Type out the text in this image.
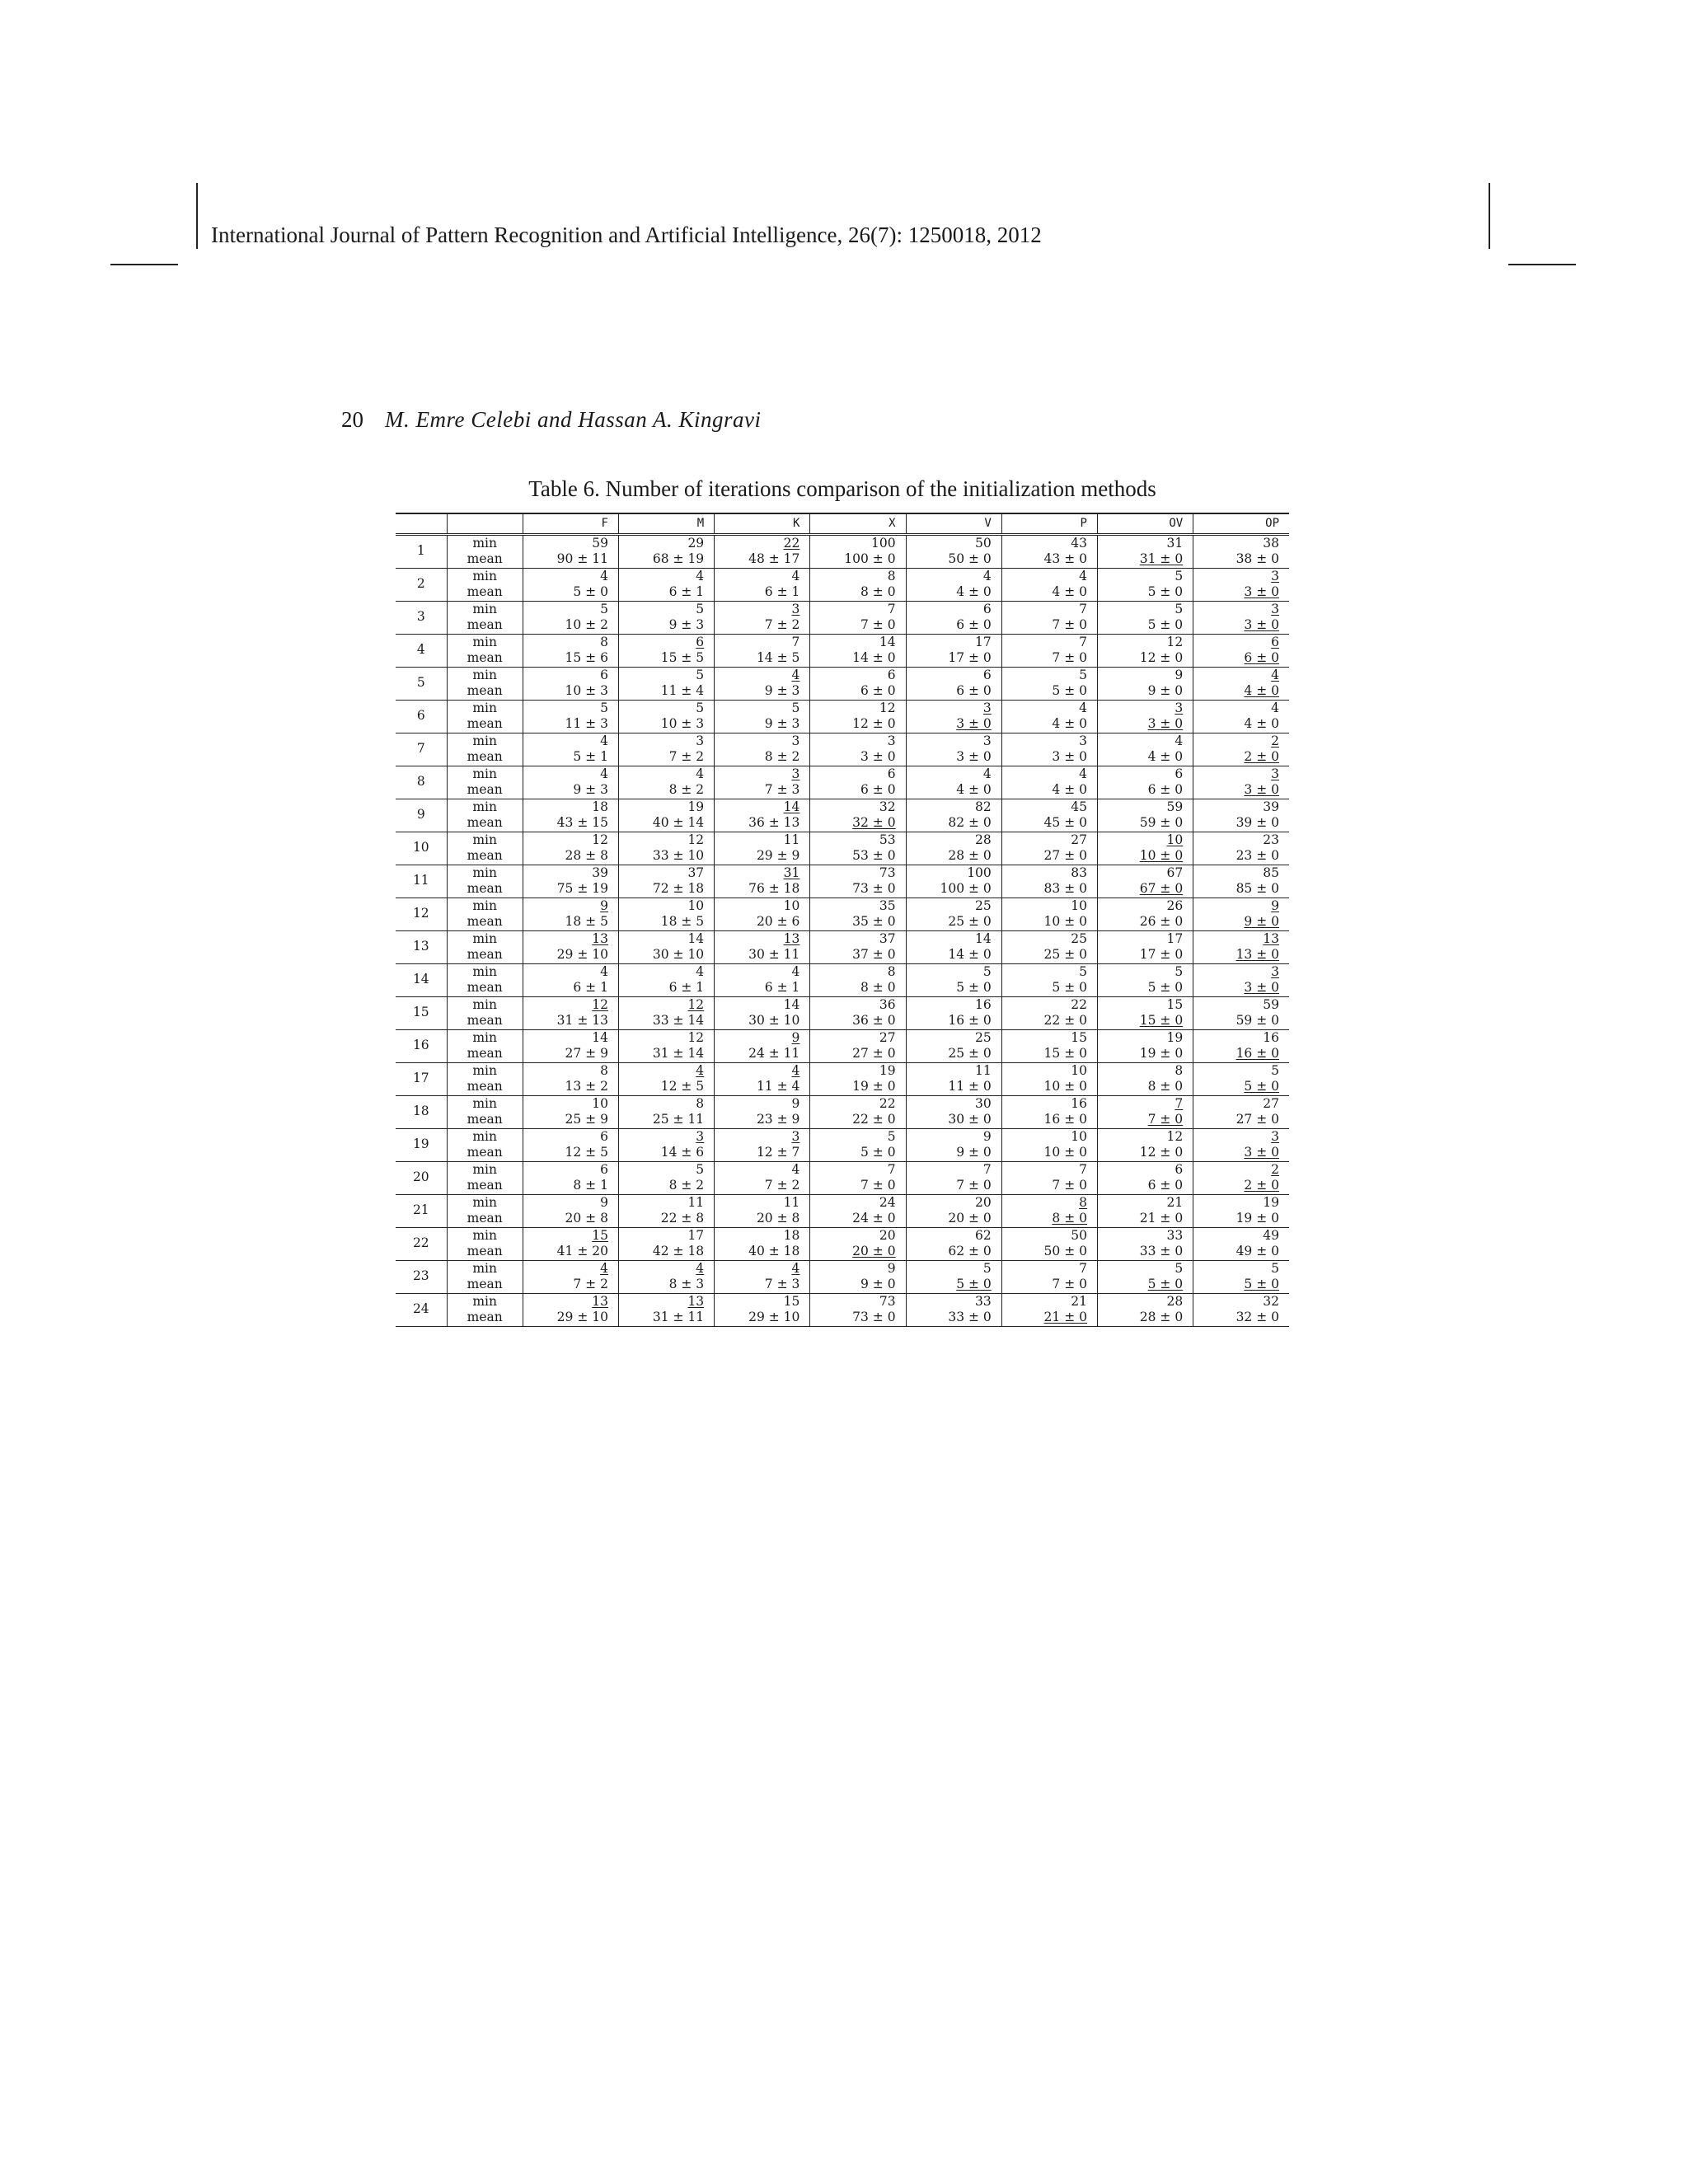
International Journal of Pattern Recognition and Artificial Intelligence, 26(7): 1250018, 2012
20 M. Emre Celebi and Hassan A. Kingravi
Table 6. Number of iterations comparison of the initialization methods
		F	M	K	X	V	P	OV	OP
1	min	59	29	22	100	50	43	31	38
	mean	90 ± 11	68 ± 19	48 ± 17	100 ± 0	50 ± 0	43 ± 0	31 ± 0	38 ± 0
2	min	4	4	4	8	4	4	5	3
	mean	5 ± 0	6 ± 1	6 ± 1	8 ± 0	4 ± 0	4 ± 0	5 ± 0	3 ± 0
3	min	5	5	3	7	6	7	5	3
	mean	10 ± 2	9 ± 3	7 ± 2	7 ± 0	6 ± 0	7 ± 0	5 ± 0	3 ± 0
4	min	8	6	7	14	17	7	12	6
	mean	15 ± 6	15 ± 5	14 ± 5	14 ± 0	17 ± 0	7 ± 0	12 ± 0	6 ± 0
5	min	6	5	4	6	6	5	9	4
	mean	10 ± 3	11 ± 4	9 ± 3	6 ± 0	6 ± 0	5 ± 0	9 ± 0	4 ± 0
6	min	5	5	5	12	3	4	3	4
	mean	11 ± 3	10 ± 3	9 ± 3	12 ± 0	3 ± 0	4 ± 0	3 ± 0	4 ± 0
7	min	4	3	3	3	3	3	4	2
	mean	5 ± 1	7 ± 2	8 ± 2	3 ± 0	3 ± 0	3 ± 0	4 ± 0	2 ± 0
8	min	4	4	3	6	4	4	6	3
	mean	9 ± 3	8 ± 2	7 ± 3	6 ± 0	4 ± 0	4 ± 0	6 ± 0	3 ± 0
9	min	18	19	14	32	82	45	59	39
	mean	43 ± 15	40 ± 14	36 ± 13	32 ± 0	82 ± 0	45 ± 0	59 ± 0	39 ± 0
10	min	12	12	11	53	28	27	10	23
	mean	28 ± 8	33 ± 10	29 ± 9	53 ± 0	28 ± 0	27 ± 0	10 ± 0	23 ± 0
11	min	39	37	31	73	100	83	67	85
	mean	75 ± 19	72 ± 18	76 ± 18	73 ± 0	100 ± 0	83 ± 0	67 ± 0	85 ± 0
12	min	9	10	10	35	25	10	26	9
	mean	18 ± 5	18 ± 5	20 ± 6	35 ± 0	25 ± 0	10 ± 0	26 ± 0	9 ± 0
13	min	13	14	13	37	14	25	17	13
	mean	29 ± 10	30 ± 10	30 ± 11	37 ± 0	14 ± 0	25 ± 0	17 ± 0	13 ± 0
14	min	4	4	4	8	5	5	5	3
	mean	6 ± 1	6 ± 1	6 ± 1	8 ± 0	5 ± 0	5 ± 0	5 ± 0	3 ± 0
15	min	12	12	14	36	16	22	15	59
	mean	31 ± 13	33 ± 14	30 ± 10	36 ± 0	16 ± 0	22 ± 0	15 ± 0	59 ± 0
16	min	14	12	9	27	25	15	19	16
	mean	27 ± 9	31 ± 14	24 ± 11	27 ± 0	25 ± 0	15 ± 0	19 ± 0	16 ± 0
17	min	8	4	4	19	11	10	8	5
	mean	13 ± 2	12 ± 5	11 ± 4	19 ± 0	11 ± 0	10 ± 0	8 ± 0	5 ± 0
18	min	10	8	9	22	30	16	7	27
	mean	25 ± 9	25 ± 11	23 ± 9	22 ± 0	30 ± 0	16 ± 0	7 ± 0	27 ± 0
19	min	6	3	3	5	9	10	12	3
	mean	12 ± 5	14 ± 6	12 ± 7	5 ± 0	9 ± 0	10 ± 0	12 ± 0	3 ± 0
20	min	6	5	4	7	7	7	6	2
	mean	8 ± 1	8 ± 2	7 ± 2	7 ± 0	7 ± 0	7 ± 0	6 ± 0	2 ± 0
21	min	9	11	11	24	20	8	21	19
	mean	20 ± 8	22 ± 8	20 ± 8	24 ± 0	20 ± 0	8 ± 0	21 ± 0	19 ± 0
22	min	15	17	18	20	62	50	33	49
	mean	41 ± 20	42 ± 18	40 ± 18	20 ± 0	62 ± 0	50 ± 0	33 ± 0	49 ± 0
23	min	4	4	4	9	5	7	5	5
	mean	7 ± 2	8 ± 3	7 ± 3	9 ± 0	5 ± 0	7 ± 0	5 ± 0	5 ± 0
24	min	13	13	15	73	33	21	28	32
	mean	29 ± 10	31 ± 11	29 ± 10	73 ± 0	33 ± 0	21 ± 0	28 ± 0	32 ± 0
